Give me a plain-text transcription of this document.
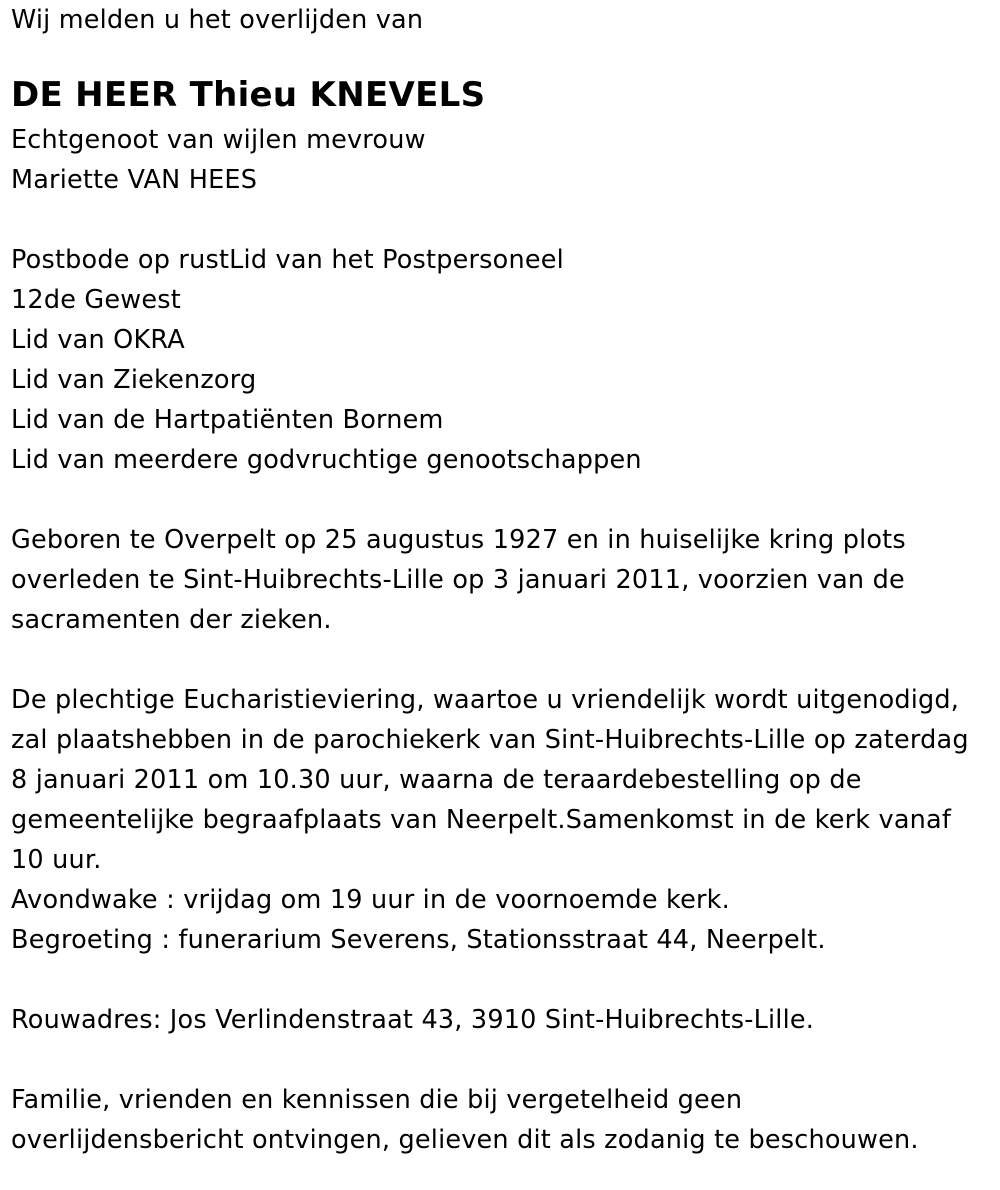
Wij melden u het overlijden van
DE HEER Thieu KNEVELS
Echtgenoot van wijlen mevrouw
Mariette VAN HEES
Postbode op rustLid van het Postpersoneel
12de Gewest
Lid van OKRA
Lid van Ziekenzorg
Lid van de Hartpatiënten Bornem
Lid van meerdere godvruchtige genootschappen
Geboren te Overpelt op 25 augustus 1927 en in huiselijke kring plots
overleden te Sint-Huibrechts-Lille op 3 januari 2011, voorzien van de
sacramenten der zieken.
De plechtige Eucharistieviering, waartoe u vriendelijk wordt uitgenodigd,
zal plaatshebben in de parochiekerk van Sint-Huibrechts-Lille op zaterdag
8 januari 2011 om 10.30 uur, waarna de teraardebestelling op de
gemeentelijke begraafplaats van Neerpelt.Samenkomst in de kerk vanaf
10 uur.
Avondwake : vrijdag om 19 uur in de voornoemde kerk.
Begroeting : funerarium Severens, Stationsstraat 44, Neerpelt.
Rouwadres: Jos Verlindenstraat 43, 3910 Sint-Huibrechts-Lille.
Familie, vrienden en kennissen die bij vergetelheid geen
overlijdensbericht ontvingen, gelieven dit als zodanig te beschouwen.
